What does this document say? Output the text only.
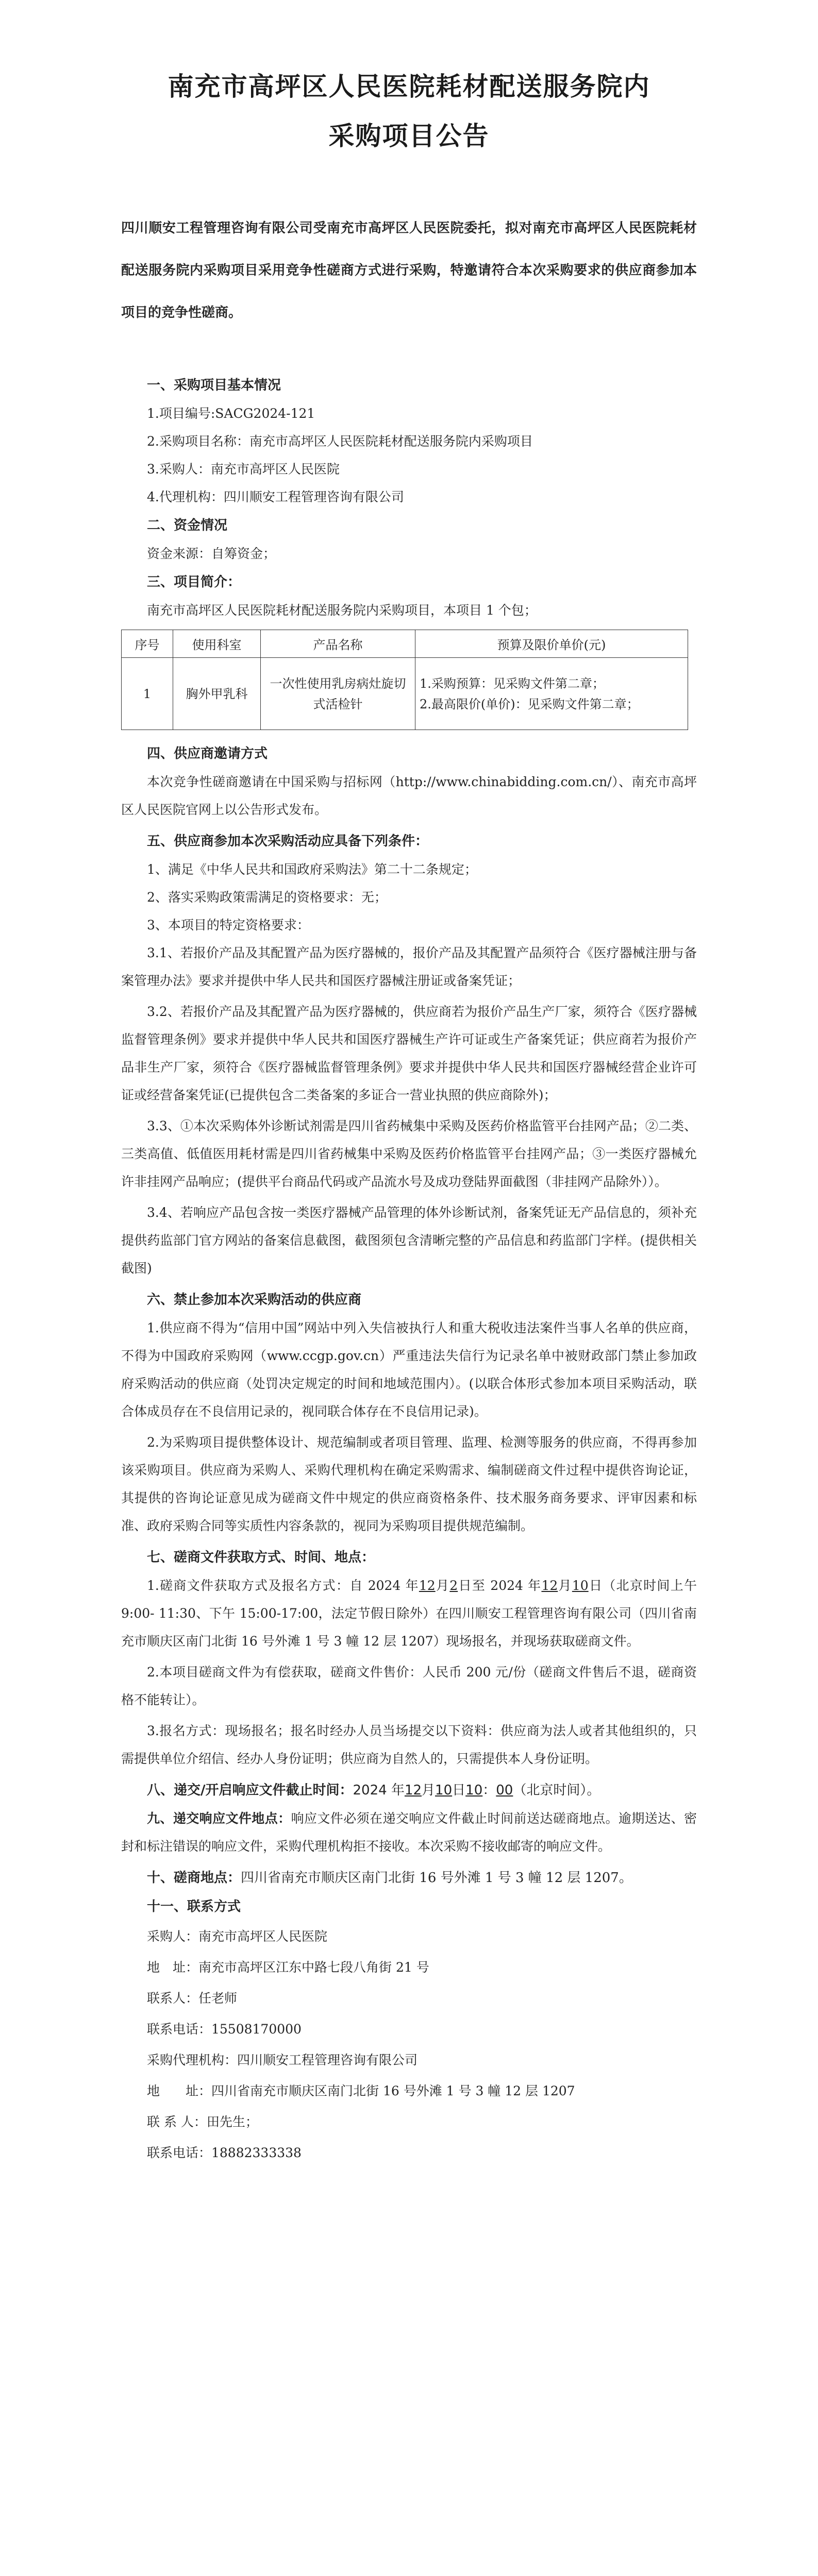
南充市高坪区人民医院耗材配送服务院内
采购项目公告
四川顺安工程管理咨询有限公司受南充市高坪区人民医院委托，拟对南充市高坪区人民医院耗材配送服务院内采购项目采用竞争性磋商方式进行采购，特邀请符合本次采购要求的供应商参加本项目的竞争性磋商。
一、采购项目基本情况
1.项目编号:SACG2024-121
2.采购项目名称：南充市高坪区人民医院耗材配送服务院内采购项目
3.采购人：南充市高坪区人民医院
4.代理机构：四川顺安工程管理咨询有限公司
二、资金情况
资金来源：自筹资金；
三、项目简介：
南充市高坪区人民医院耗材配送服务院内采购项目，本项目 1 个包；
序号	使用科室	产品名称	预算及限价单价(元)
1	胸外甲乳科	一次性使用乳房病灶旋切式活检针	1.采购预算：见采购文件第二章；
2.最高限价(单价)：见采购文件第二章；
四、供应商邀请方式
本次竞争性磋商邀请在中国采购与招标网（http://www.chinabidding.com.cn/）、南充市高坪区人民医院官网上以公告形式发布。
五、供应商参加本次采购活动应具备下列条件：
1、满足《中华人民共和国政府采购法》第二十二条规定；
2、落实采购政策需满足的资格要求：无；
3、本项目的特定资格要求：
3.1、若报价产品及其配置产品为医疗器械的，报价产品及其配置产品须符合《医疗器械注册与备案管理办法》要求并提供中华人民共和国医疗器械注册证或备案凭证；
3.2、若报价产品及其配置产品为医疗器械的，供应商若为报价产品生产厂家，须符合《医疗器械监督管理条例》要求并提供中华人民共和国医疗器械生产许可证或生产备案凭证；供应商若为报价产品非生产厂家，须符合《医疗器械监督管理条例》要求并提供中华人民共和国医疗器械经营企业许可证或经营备案凭证(已提供包含二类备案的多证合一营业执照的供应商除外)；
3.3、①本次采购体外诊断试剂需是四川省药械集中采购及医药价格监管平台挂网产品；②二类、三类高值、低值医用耗材需是四川省药械集中采购及医药价格监管平台挂网产品；③一类医疗器械允许非挂网产品响应；(提供平台商品代码或产品流水号及成功登陆界面截图（非挂网产品除外））。
3.4、若响应产品包含按一类医疗器械产品管理的体外诊断试剂，备案凭证无产品信息的，须补充提供药监部门官方网站的备案信息截图，截图须包含清晰完整的产品信息和药监部门字样。(提供相关截图)
六、禁止参加本次采购活动的供应商
1.供应商不得为“信用中国”网站中列入失信被执行人和重大税收违法案件当事人名单的供应商，不得为中国政府采购网（www.ccgp.gov.cn）严重违法失信行为记录名单中被财政部门禁止参加政府采购活动的供应商（处罚决定规定的时间和地域范围内）。(以联合体形式参加本项目采购活动，联合体成员存在不良信用记录的，视同联合体存在不良信用记录)。
2.为采购项目提供整体设计、规范编制或者项目管理、监理、检测等服务的供应商，不得再参加该采购项目。供应商为采购人、采购代理机构在确定采购需求、编制磋商文件过程中提供咨询论证，其提供的咨询论证意见成为磋商文件中规定的供应商资格条件、技术服务商务要求、评审因素和标准、政府采购合同等实质性内容条款的，视同为采购项目提供规范编制。
七、磋商文件获取方式、时间、地点：
1.磋商文件获取方式及报名方式：自 2024 年12月2日至 2024 年12月10日（北京时间上午 9:00- 11:30、下午 15:00-17:00，法定节假日除外）在四川顺安工程管理咨询有限公司（四川省南充市顺庆区南门北街 16 号外滩 1 号 3 幢 12 层 1207）现场报名，并现场获取磋商文件。
2.本项目磋商文件为有偿获取，磋商文件售价：人民币 200 元/份（磋商文件售后不退，磋商资格不能转让）。
3.报名方式：现场报名；报名时经办人员当场提交以下资料：供应商为法人或者其他组织的，只需提供单位介绍信、经办人身份证明；供应商为自然人的，只需提供本人身份证明。
八、递交/开启响应文件截止时间：2024 年12月10日10：00（北京时间）。
九、递交响应文件地点：响应文件必须在递交响应文件截止时间前送达磋商地点。逾期送达、密封和标注错误的响应文件，采购代理机构拒不接收。本次采购不接收邮寄的响应文件。
十、磋商地点：四川省南充市顺庆区南门北街 16 号外滩 1 号 3 幢 12 层 1207。
十一、联系方式
采购人：南充市高坪区人民医院
地　址：南充市高坪区江东中路七段八角街 21 号
联系人：任老师
联系电话：15508170000
采购代理机构：四川顺安工程管理咨询有限公司
地　　址：四川省南充市顺庆区南门北街 16 号外滩 1 号 3 幢 12 层 1207
联 系 人：田先生；
联系电话：18882333338
